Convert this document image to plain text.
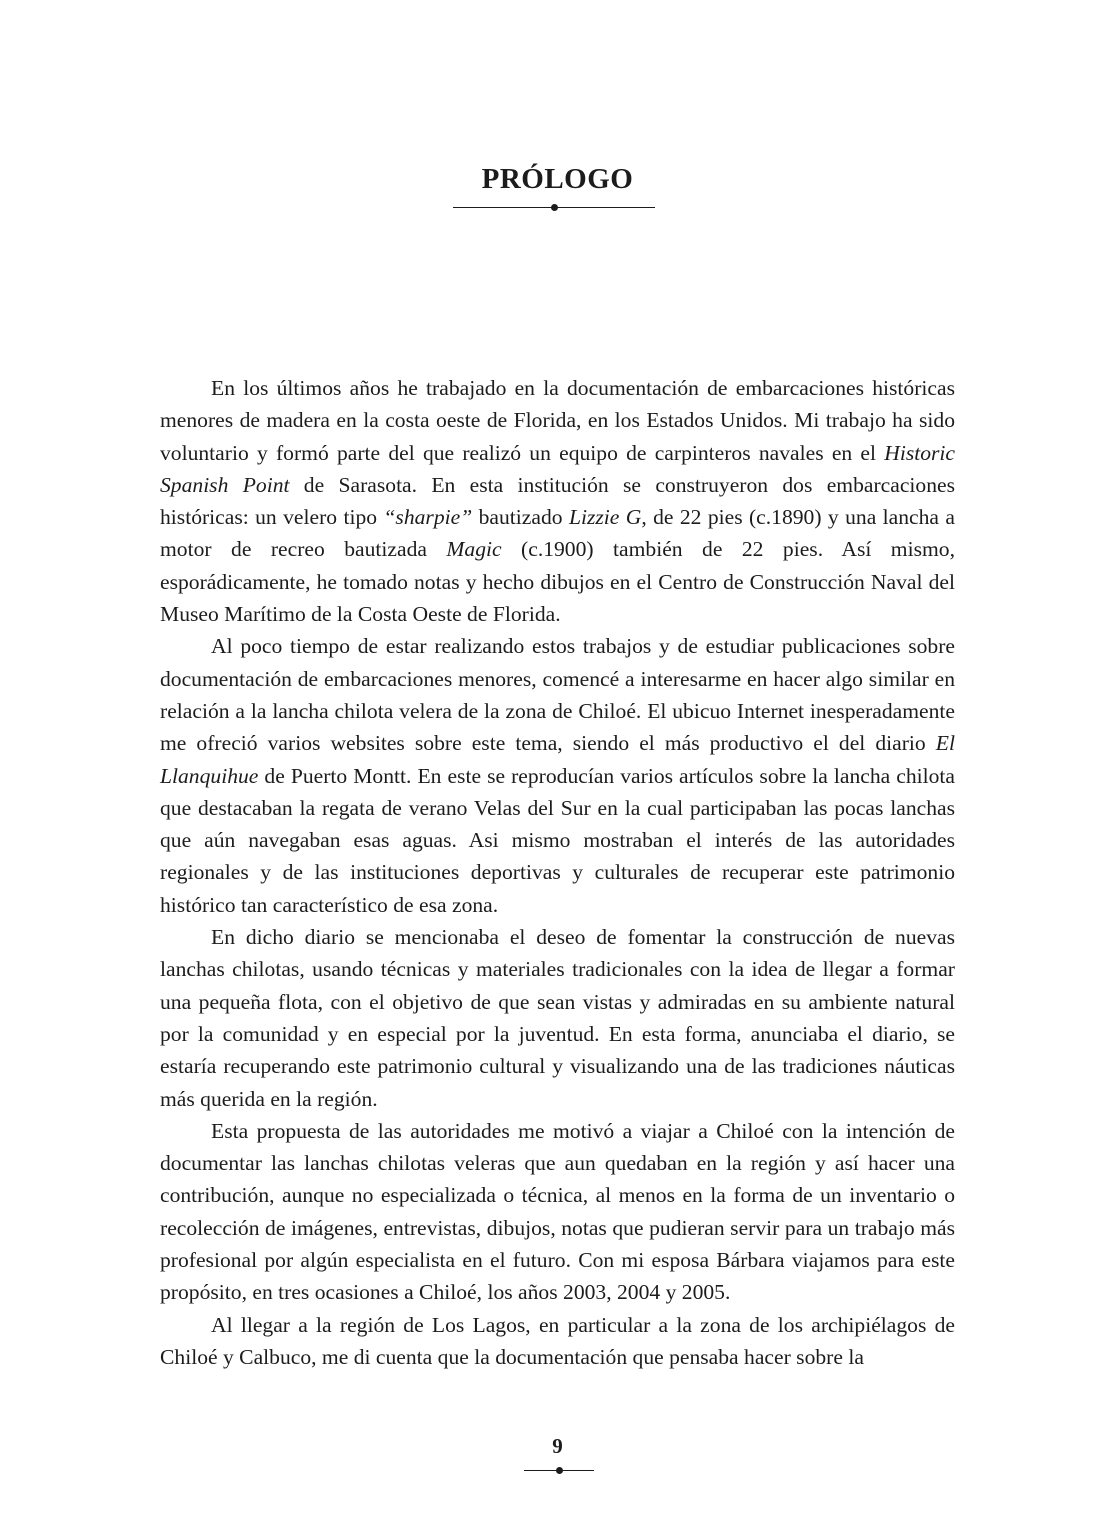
PRÓLOGO

En los últimos años he trabajado en la documentación de embarcaciones históricas menores de madera en la costa oeste de Florida, en los Estados Unidos. Mi trabajo ha sido voluntario y formó parte del que realizó un equipo de carpinteros navales en el Historic Spanish Point de Sarasota. En esta institución se construyeron dos embarcaciones históricas: un velero tipo “sharpie” bautizado Lizzie G, de 22 pies (c.1890) y una lancha a motor de recreo bautizada Magic (c.1900) también de 22 pies. Así mismo, esporádicamente, he tomado notas y hecho dibujos en el Centro de Construcción Naval del Museo Marítimo de la Costa Oeste de Florida.

Al poco tiempo de estar realizando estos trabajos y de estudiar publicaciones sobre documentación de embarcaciones menores, comencé a interesarme en hacer algo similar en relación a la lancha chilota velera de la zona de Chiloé. El ubicuo Internet inesperadamente me ofreció varios websites sobre este tema, siendo el más productivo el del diario El Llanquihue de Puerto Montt. En este se reproducían varios artículos sobre la lancha chilota que destacaban la regata de verano Velas del Sur en la cual participaban las pocas lanchas que aún navegaban esas aguas. Asi mismo mostraban el interés de las autoridades regionales y de las instituciones deportivas y culturales de recuperar este patrimonio histórico tan característico de esa zona.

En dicho diario se mencionaba el deseo de fomentar la construcción de nuevas lanchas chilotas, usando técnicas y materiales tradicionales con la idea de llegar a formar una pequeña flota, con el objetivo de que sean vistas y admiradas en su ambiente natural por la comunidad y en especial por la juventud. En esta forma, anunciaba el diario, se estaría recuperando este patrimonio cultural y visualizando una de las tradiciones náuticas más querida en la región.

Esta propuesta de las autoridades me motivó a viajar a Chiloé con la intención de documentar las lanchas chilotas veleras que aun quedaban en la región y así hacer una contribución, aunque no especializada o técnica, al menos en la forma de un inventario o recolección de imágenes, entrevistas, dibujos, notas que pudieran servir para un trabajo más profesional por algún especialista en el futuro. Con mi esposa Bárbara viajamos para este propósito, en tres ocasiones a Chiloé, los años 2003, 2004 y 2005.

Al llegar a la región de Los Lagos, en particular a la zona de los archipiélagos de Chiloé y Calbuco, me di cuenta que la documentación que pensaba hacer sobre la

9
